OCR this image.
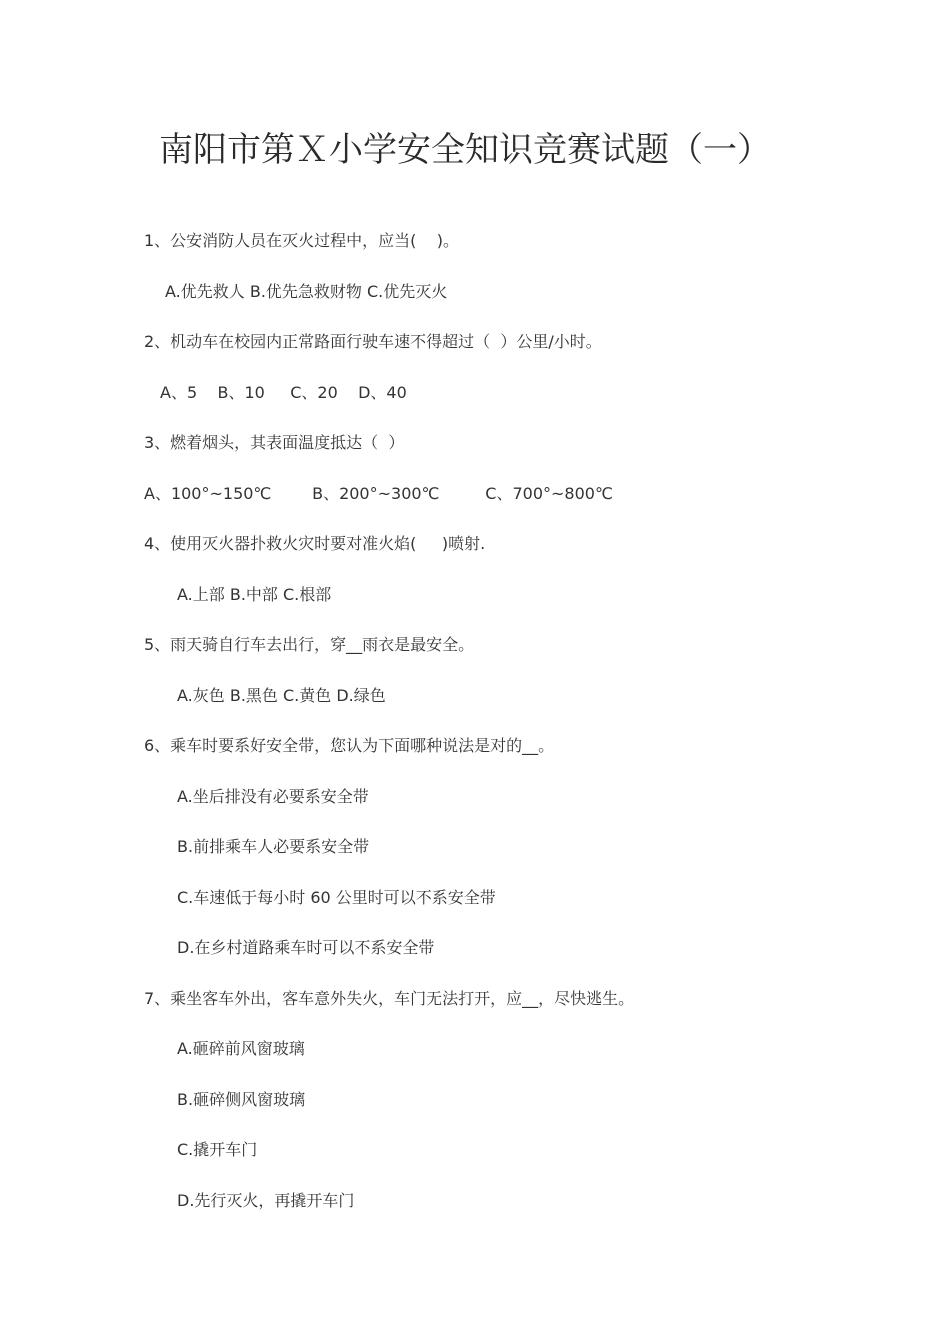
南阳市第Ｘ小学安全知识竞赛试题（一）
1、公安消防人员在灭火过程中，应当(    )。
A.优先救人 B.优先急救财物 C.优先灭火
2、机动车在校园内正常路面行驶车速不得超过（  ）公里/小时。
A、5    B、10     C、20    D、40
3、燃着烟头，其表面温度抵达（  ）
A、100°~150℃        B、200°~300℃         C、700°~800℃
4、使用灭火器扑救火灾时要对准火焰(     )喷射.
A.上部 B.中部 C.根部
5、雨天骑自行车去出行，穿__雨衣是最安全。
A.灰色 B.黑色 C.黄色 D.绿色
6、乘车时要系好安全带，您认为下面哪种说法是对的__。
A.坐后排没有必要系安全带
B.前排乘车人必要系安全带
C.车速低于每小时 60 公里时可以不系安全带
D.在乡村道路乘车时可以不系安全带
7、乘坐客车外出，客车意外失火，车门无法打开，应__，尽快逃生。
A.砸碎前风窗玻璃
B.砸碎侧风窗玻璃
C.撬开车门
D.先行灭火，再撬开车门
